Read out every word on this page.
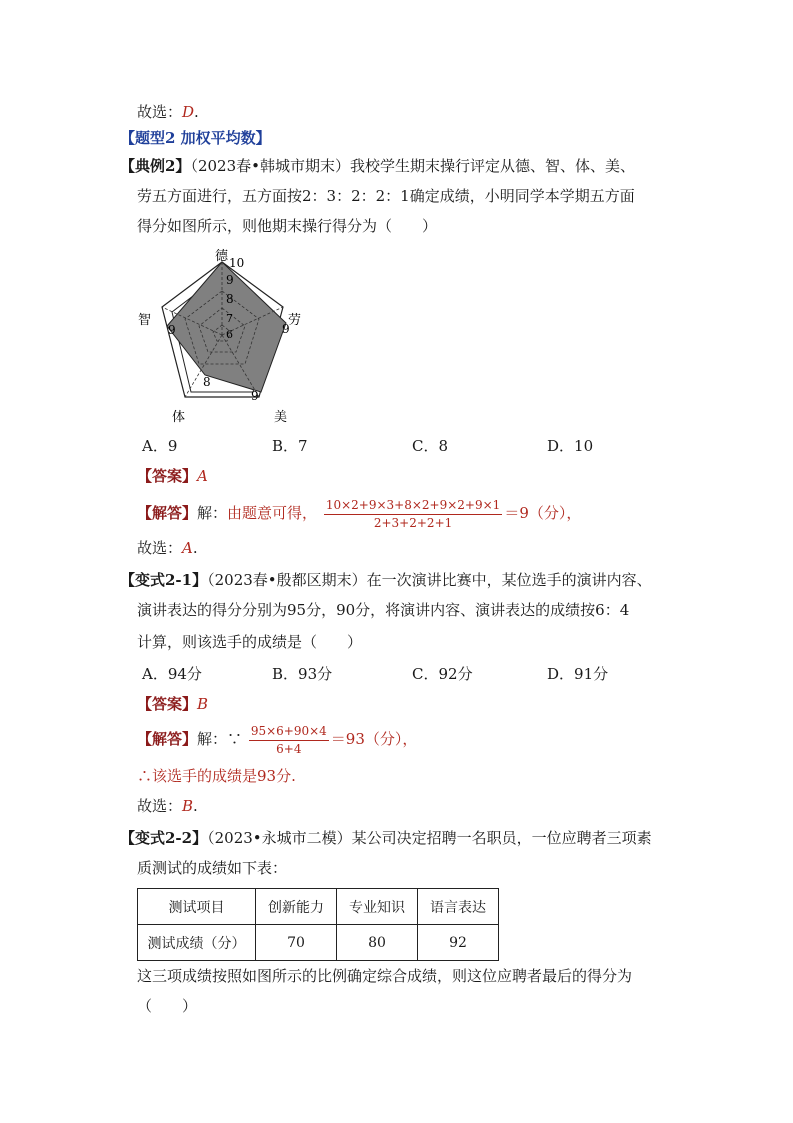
故选：D.
【题型2 加权平均数】
【典例2】（2023春•韩城市期末）我校学生期末操行评定从德、智、体、美、
劳五方面进行，五方面按2：3：2：2：1确定成绩，小明同学本学期五方面
得分如图所示，则他期末操行得分为（　　）
德
劳
美
体
智
10
9
8
7
6	9
9
8
9
A．9	B．7	C．8	D．10
【答案】A
【解答】解：由题意可得， $\frac{10\times 2+9\times 3+8\times 2+9\times 2+9\times 1}{2+3+2+2+1} =9$（分），
故选：A.
【变式2-1】（2023春•殷都区期末）在一次演讲比赛中，某位选手的演讲内容、
演讲表达的得分分别为95分，90分，将演讲内容、演讲表达的成绩按6：4
计算，则该选手的成绩是（　　）
A．94分	B．93分	C．92分	D．91分
【答案】B
【解答】解：∵ $\frac{95\times 6+90\times 4}{6+4} =93$（分），
∴该选手的成绩是93分.
故选：B.
【变式2-2】（2023•永城市二模）某公司决定招聘一名职员，一位应聘者三项素
质测试的成绩如下表：
测试项目	创新能力	专业知识	语言表达
测试成绩（分）	70	80	92
这三项成绩按照如图所示的比例确定综合成绩，则这位应聘者最后的得分为
（　　）
